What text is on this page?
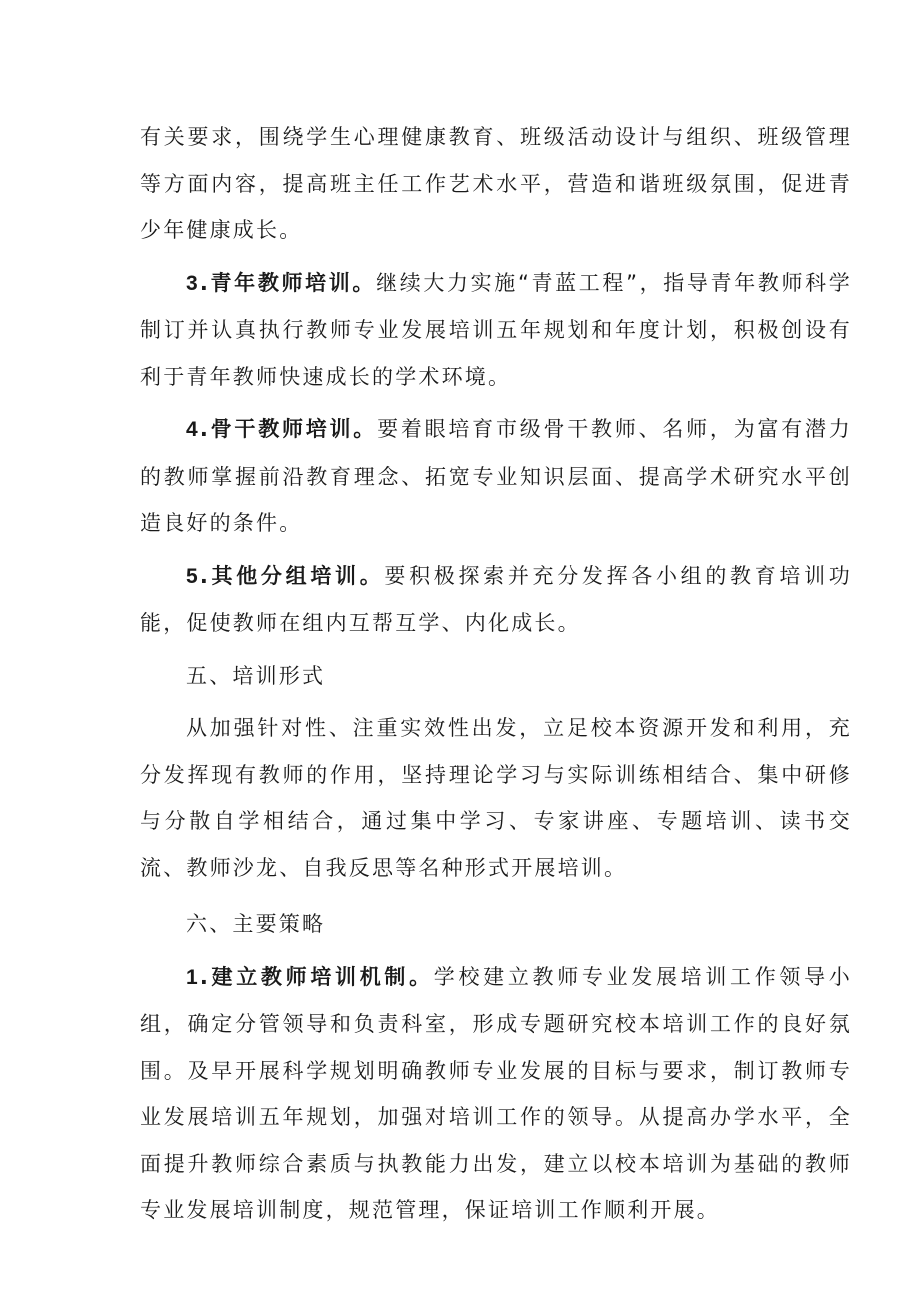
有关要求，围绕学生心理健康教育、班级活动设计与组织、班级管理等方面内容，提高班主任工作艺术水平，营造和谐班级氛围，促进青少年健康成长。

3.青年教师培训。继续大力实施“青蓝工程”，指导青年教师科学制订并认真执行教师专业发展培训五年规划和年度计划，积极创设有利于青年教师快速成长的学术环境。

4.骨干教师培训。要着眼培育市级骨干教师、名师，为富有潜力的教师掌握前沿教育理念、拓宽专业知识层面、提高学术研究水平创造良好的条件。

5.其他分组培训。要积极探索并充分发挥各小组的教育培训功能，促使教师在组内互帮互学、内化成长。

五、培训形式

从加强针对性、注重实效性出发，立足校本资源开发和利用，充分发挥现有教师的作用，坚持理论学习与实际训练相结合、集中研修与分散自学相结合，通过集中学习、专家讲座、专题培训、读书交流、教师沙龙、自我反思等名种形式开展培训。

六、主要策略

1.建立教师培训机制。学校建立教师专业发展培训工作领导小组，确定分管领导和负责科室，形成专题研究校本培训工作的良好氛围。及早开展科学规划明确教师专业发展的目标与要求，制订教师专业发展培训五年规划，加强对培训工作的领导。从提高办学水平，全面提升教师综合素质与执教能力出发，建立以校本培训为基础的教师专业发展培训制度，规范管理，保证培训工作顺利开展。
